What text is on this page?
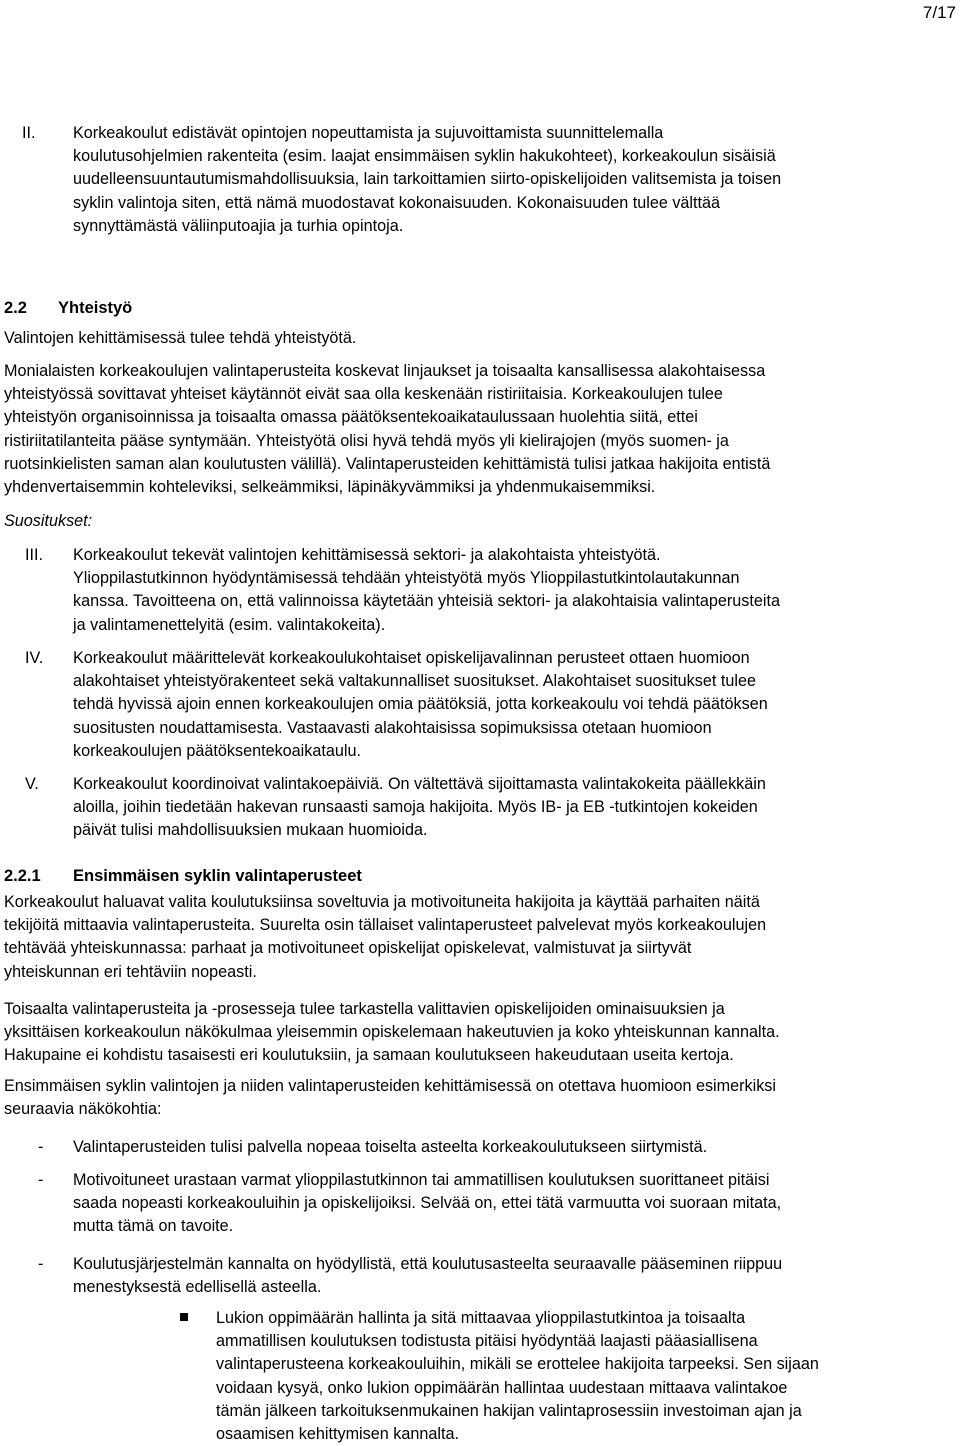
7/17
II. Korkeakoulut edistävät opintojen nopeuttamista ja sujuvoittamista suunnittelemalla
koulutusohjelmien rakenteita (esim. laajat ensimmäisen syklin hakukohteet), korkeakoulun sisäisiä
uudelleensuuntautumismahdollisuuksia, lain tarkoittamien siirto-opiskelijoiden valitsemista ja toisen
syklin valintoja siten, että nämä muodostavat kokonaisuuden. Kokonaisuuden tulee välttää
synnyttämästä väliinputoajia ja turhia opintoja.
2.2 Yhteistyö
Valintojen kehittämisessä tulee tehdä yhteistyötä.
Monialaisten korkeakoulujen valintaperusteita koskevat linjaukset ja toisaalta kansallisessa alakohtaisessa
yhteistyössä sovittavat yhteiset käytännöt eivät saa olla keskenään ristiriitaisia. Korkeakoulujen tulee
yhteistyön organisoinnissa ja toisaalta omassa päätöksentekoaikataulussaan huolehtia siitä, ettei
ristiriitatilanteita pääse syntymään. Yhteistyötä olisi hyvä tehdä myös yli kielirajojen (myös suomen- ja
ruotsinkielisten saman alan koulutusten välillä). Valintaperusteiden kehittämistä tulisi jatkaa hakijoita entistä
yhdenvertaisemmin kohteleviksi, selkeämmiksi, läpinäkyvämmiksi ja yhdenmukaisemmiksi.
Suositukset:
III. Korkeakoulut tekevät valintojen kehittämisessä sektori- ja alakohtaista yhteistyötä.
Ylioppilastutkinnon hyödyntämisessä tehdään yhteistyötä myös Ylioppilastutkintolautakunnan
kanssa. Tavoitteena on, että valinnoissa käytetään yhteisiä sektori- ja alakohtaisia valintaperusteita
ja valintamenettelyitä (esim. valintakokeita).
IV. Korkeakoulut määrittelevät korkeakoulukohtaiset opiskelijavalinnan perusteet ottaen huomioon
alakohtaiset yhteistyörakenteet sekä valtakunnalliset suositukset. Alakohtaiset suositukset tulee
tehdä hyvissä ajoin ennen korkeakoulujen omia päätöksiä, jotta korkeakoulu voi tehdä päätöksen
suositusten noudattamisesta. Vastaavasti alakohtaisissa sopimuksissa otetaan huomioon
korkeakoulujen päätöksentekoaikataulu.
V. Korkeakoulut koordinoivat valintakoepäiviä. On vältettävä sijoittamasta valintakokeita päällekkäin
aloilla, joihin tiedetään hakevan runsaasti samoja hakijoita. Myös IB- ja EB -tutkintojen kokeiden
päivät tulisi mahdollisuuksien mukaan huomioida.
2.2.1 Ensimmäisen syklin valintaperusteet
Korkeakoulut haluavat valita koulutuksiinsa soveltuvia ja motivoituneita hakijoita ja käyttää parhaiten näitä
tekijöitä mittaavia valintaperusteita. Suurelta osin tällaiset valintaperusteet palvelevat myös korkeakoulujen
tehtävää yhteiskunnassa: parhaat ja motivoituneet opiskelijat opiskelevat, valmistuvat ja siirtyvät
yhteiskunnan eri tehtäviin nopeasti.
Toisaalta valintaperusteita ja -prosesseja tulee tarkastella valittavien opiskelijoiden ominaisuuksien ja
yksittäisen korkeakoulun näkökulmaa yleisemmin opiskelemaan hakeutuvien ja koko yhteiskunnan kannalta.
Hakupaine ei kohdistu tasaisesti eri koulutuksiin, ja samaan koulutukseen hakeudutaan useita kertoja.
Ensimmäisen syklin valintojen ja niiden valintaperusteiden kehittämisessä on otettava huomioon esimerkiksi
seuraavia näkökohtia:
- Valintaperusteiden tulisi palvella nopeaa toiselta asteelta korkeakoulutukseen siirtymistä.
- Motivoituneet urastaan varmat ylioppilastutkinnon tai ammatillisen koulutuksen suorittaneet pitäisi
saada nopeasti korkeakouluihin ja opiskelijoiksi. Selvää on, ettei tätä varmuutta voi suoraan mitata,
mutta tämä on tavoite.
- Koulutusjärjestelmän kannalta on hyödyllistä, että koulutusasteelta seuraavalle pääseminen riippuu
menestyksestä edellisellä asteella.
Lukion oppimäärän hallinta ja sitä mittaavaa ylioppilastutkintoa ja toisaalta
ammatillisen koulutuksen todistusta pitäisi hyödyntää laajasti pääasiallisena
valintaperusteena korkeakouluihin, mikäli se erottelee hakijoita tarpeeksi. Sen sijaan
voidaan kysyä, onko lukion oppimäärän hallintaa uudestaan mittaava valintakoe
tämän jälkeen tarkoituksenmukainen hakijan valintaprosessiin investoiman ajan ja
osaamisen kehittymisen kannalta.
